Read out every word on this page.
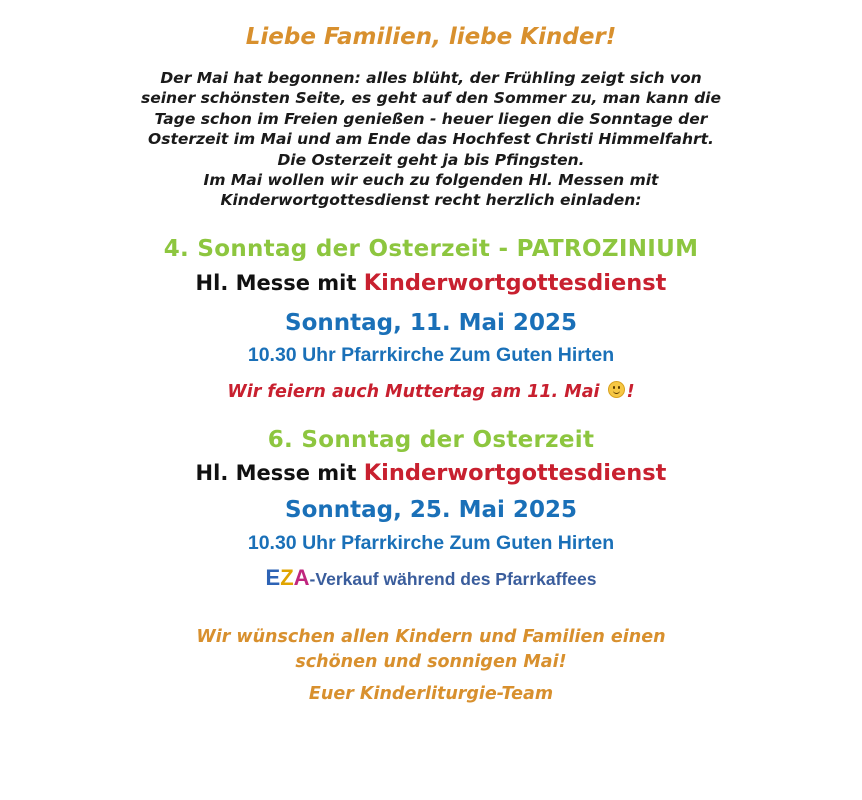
Liebe Familien, liebe Kinder!
Der Mai hat begonnen: alles blüht, der Frühling zeigt sich von
seiner schönsten Seite, es geht auf den Sommer zu, man kann die
Tage schon im Freien genießen - heuer liegen die Sonntage der
Osterzeit im Mai und am Ende das Hochfest Christi Himmelfahrt.
Die Osterzeit geht ja bis Pfingsten.
Im Mai wollen wir euch zu folgenden Hl. Messen mit
Kinderwortgottesdienst recht herzlich einladen:
4. Sonntag der Osterzeit - PATROZINIUM
Hl. Messe mit Kinderwortgottesdienst
Sonntag, 11. Mai 2025
10.30 Uhr Pfarrkirche Zum Guten Hirten
Wir feiern auch Muttertag am 11. Mai !
6. Sonntag der Osterzeit
Hl. Messe mit Kinderwortgottesdienst
Sonntag, 25. Mai 2025
10.30 Uhr Pfarrkirche Zum Guten Hirten
EZA-Verkauf während des Pfarrkaffees
Wir wünschen allen Kindern und Familien einen
schönen und sonnigen Mai!
Euer Kinderliturgie-Team
